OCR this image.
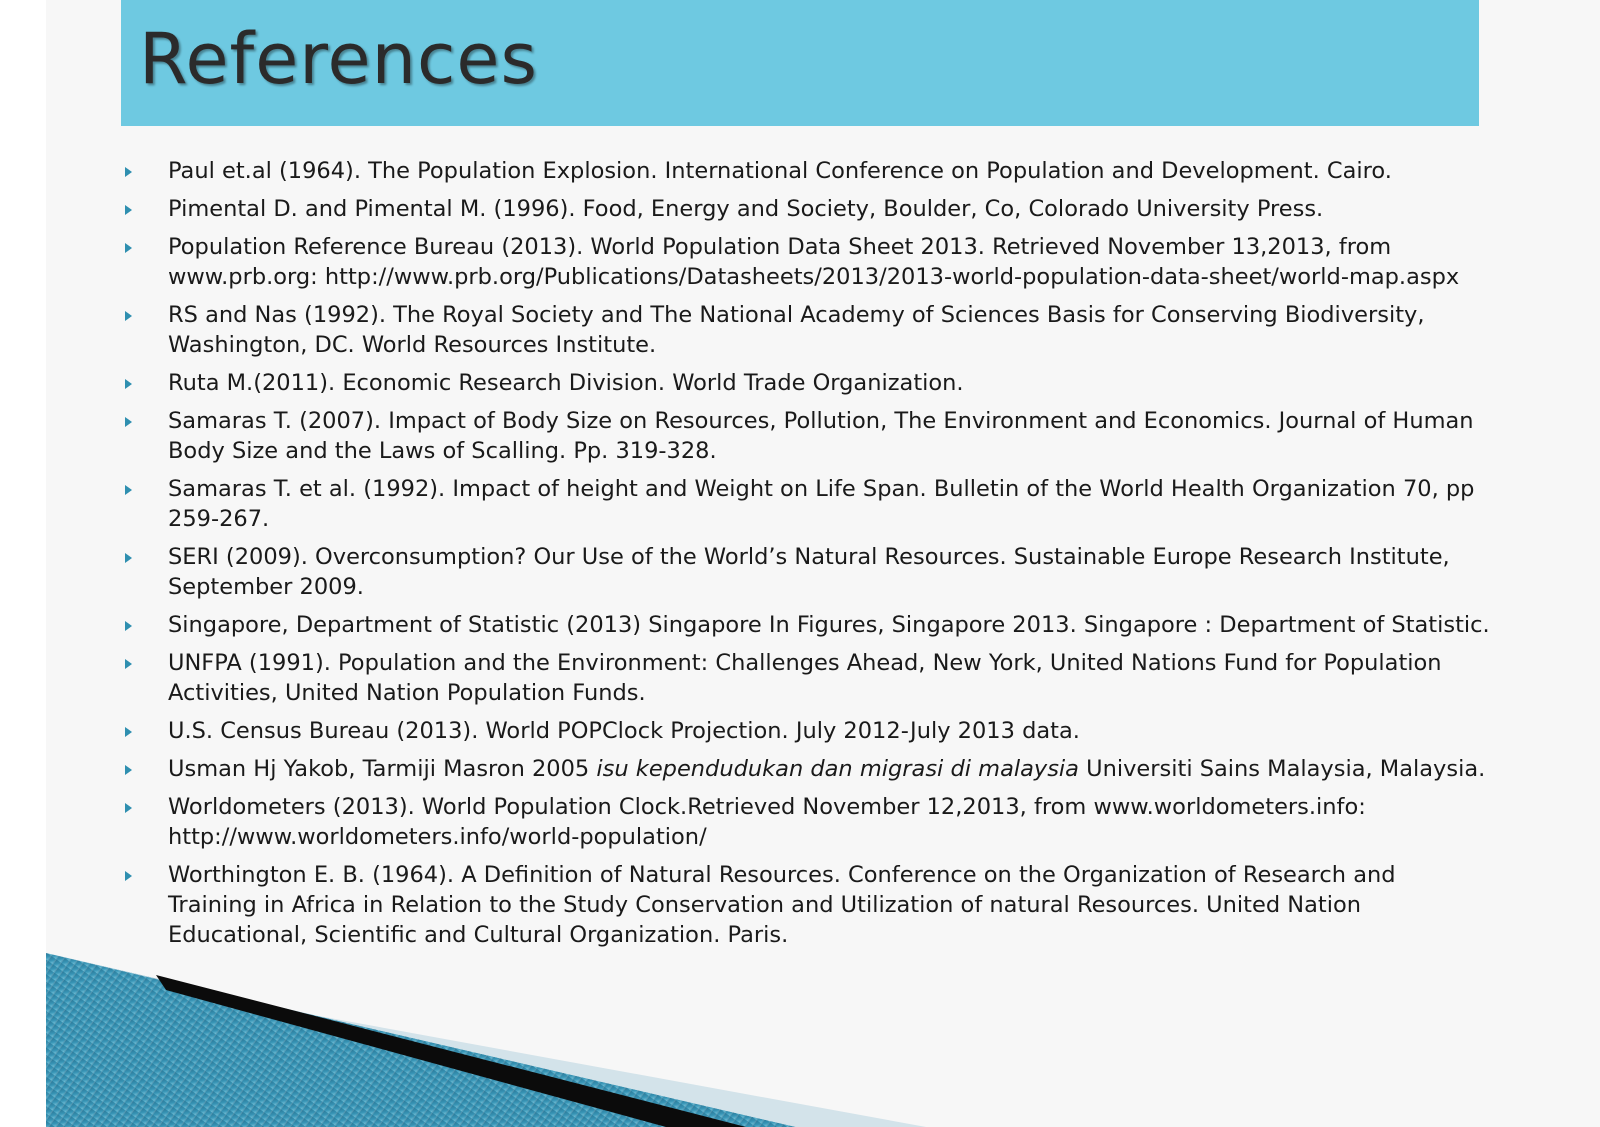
References
Paul et.al (1964). The Population Explosion. International Conference on Population and Development. Cairo.
Pimental D. and Pimental M. (1996). Food, Energy and Society, Boulder, Co, Colorado University Press.
Population Reference Bureau (2013). World Population Data Sheet 2013. Retrieved November 13,2013, from www.prb.org: http://www.prb.org/Publications/Datasheets/2013/2013-world-population-data-sheet/world-map.aspx
RS and Nas (1992). The Royal Society and The National Academy of Sciences Basis for Conserving Biodiversity, Washington, DC. World Resources Institute.
Ruta M.(2011). Economic Research Division. World Trade Organization.
Samaras T. (2007). Impact of Body Size on Resources, Pollution, The Environment and Economics. Journal of Human Body Size and the Laws of Scalling. Pp. 319-328.
Samaras T. et al. (1992). Impact of height and Weight on Life Span. Bulletin of the World Health Organization 70, pp 259-267.
SERI (2009). Overconsumption? Our Use of the World’s Natural Resources. Sustainable Europe Research Institute, September 2009.
Singapore, Department of Statistic (2013) Singapore In Figures, Singapore 2013. Singapore : Department of Statistic.
UNFPA (1991). Population and the Environment: Challenges Ahead, New York, United Nations Fund for Population Activities, United Nation Population Funds.
U.S. Census Bureau (2013). World POPClock Projection. July 2012-July 2013 data.
Usman Hj Yakob, Tarmiji Masron 2005 isu kependudukan dan migrasi di malaysia Universiti Sains Malaysia, Malaysia.
Worldometers (2013). World Population Clock.Retrieved November 12,2013, from www.worldometers.info: http://www.worldometers.info/world-population/
Worthington E. B. (1964). A Definition of Natural Resources. Conference on the Organization of Research and Training in Africa in Relation to the Study Conservation and Utilization of natural Resources. United Nation Educational, Scientific and Cultural Organization. Paris.
